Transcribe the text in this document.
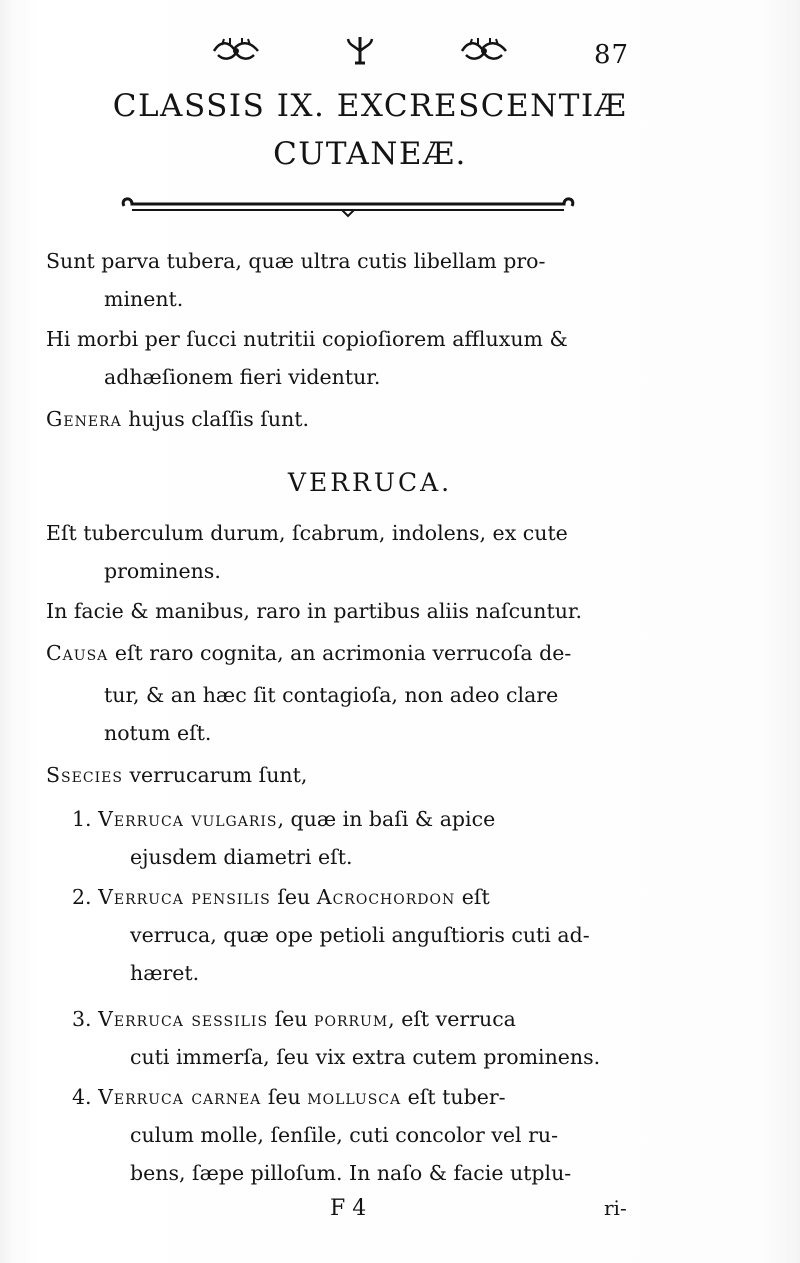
87
CLASSIS IX. EXCRESCENTIÆ
CUTANEÆ.
Sunt parva tubera, quæ ultra cutis libellam pro-
minent.
Hi morbi per ſucci nutritii copioſiorem affluxum &
adhæſionem fieri videntur.
Genera hujus claſſis ſunt.
VERRUCA.
Eſt tuberculum durum, ſcabrum, indolens, ex cute
prominens.
In facie & manibus, raro in partibus aliis naſcuntur.
Causa eſt raro cognita, an acrimonia verrucoſa de-
tur, & an hæc ſit contagioſa, non adeo clare
notum eſt.
Ssecies verrucarum ſunt,
1. Verruca vulgaris, quæ in baſi & apice
ejusdem diametri eſt.
2. Verruca pensilis ſeu Acrochordon eſt
verruca, quæ ope petioli anguſtioris cuti ad-
hæret.
3. Verruca sessilis ſeu porrum, eſt verruca
cuti immerſa, ſeu vix extra cutem prominens.
4. Verruca carnea ſeu mollusca eſt tuber-
culum molle, ſenſile, cuti concolor vel ru-
bens, ſæpe pilloſum. In naſo & facie utplu-
F 4	ri-
